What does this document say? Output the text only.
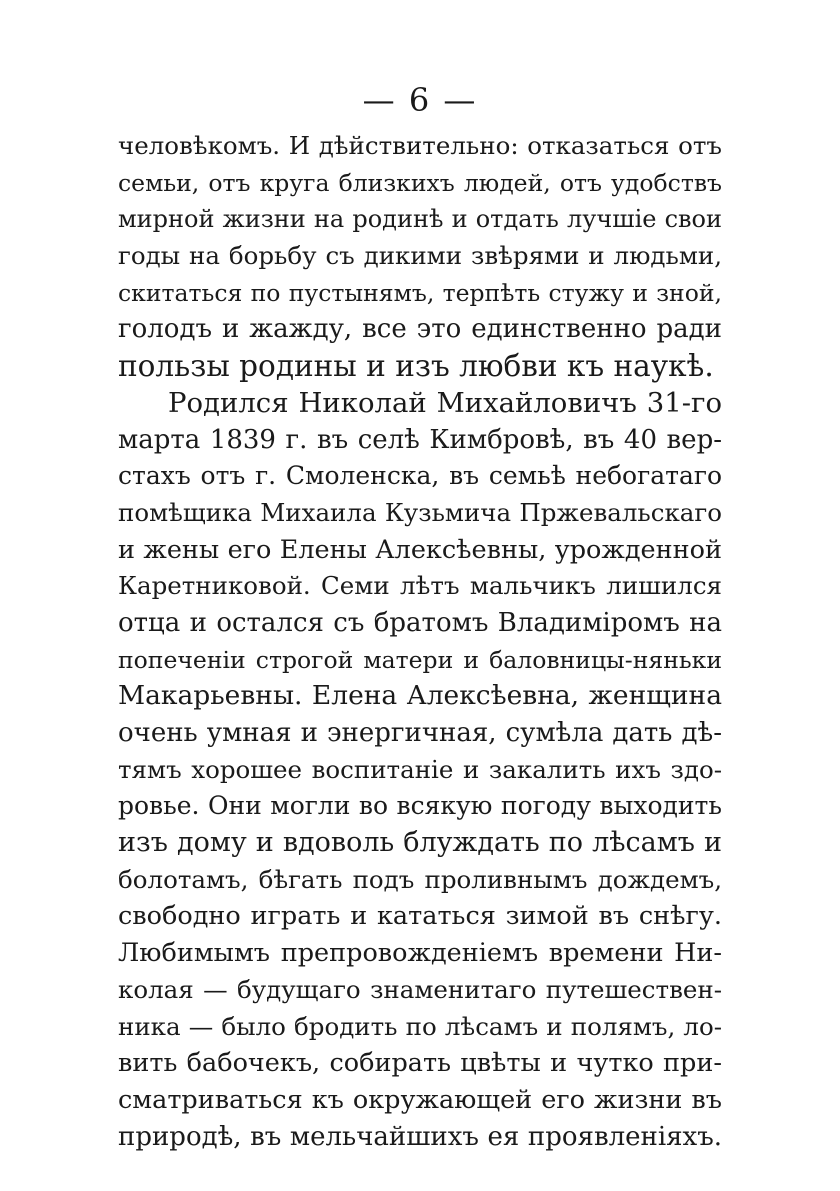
— 6 —
человѣкомъ. И дѣйствительно: отказаться отъ
семьи, отъ круга близкихъ людей, отъ удобствъ
мирной жизни на родинѣ и отдать лучшіе свои
годы на борьбу съ дикими звѣрями и людьми,
скитаться по пустынямъ, терпѣть стужу и зной,
голодъ и жажду, все это единственно ради
пользы родины и изъ любви къ наукѣ.
Родился Николай Михайловичъ 31-го
марта 1839 г. въ селѣ Кимбровѣ, въ 40 вер-
стахъ отъ г. Смоленска, въ семьѣ небогатаго
помѣщика Михаила Кузьмича Пржевальскаго
и жены его Елены Алексѣевны, урожденной
Каретниковой. Семи лѣтъ мальчикъ лишился
отца и остался съ братомъ Владиміромъ на
попеченіи строгой матери и баловницы-няньки
Макарьевны. Елена Алексѣевна, женщина
очень умная и энергичная, сумѣла дать дѣ-
тямъ хорошее воспитаніе и закалить ихъ здо-
ровье. Они могли во всякую погоду выходить
изъ дому и вдоволь блуждать по лѣсамъ и
болотамъ, бѣгать подъ проливнымъ дождемъ,
свободно играть и кататься зимой въ снѣгу.
Любимымъ препровожденіемъ времени Ни-
колая — будущаго знаменитаго путешествен-
ника — было бродить по лѣсамъ и полямъ, ло-
вить бабочекъ, собирать цвѣты и чутко при-
сматриваться къ окружающей его жизни въ
природѣ, въ мельчайшихъ ея проявленіяхъ.
